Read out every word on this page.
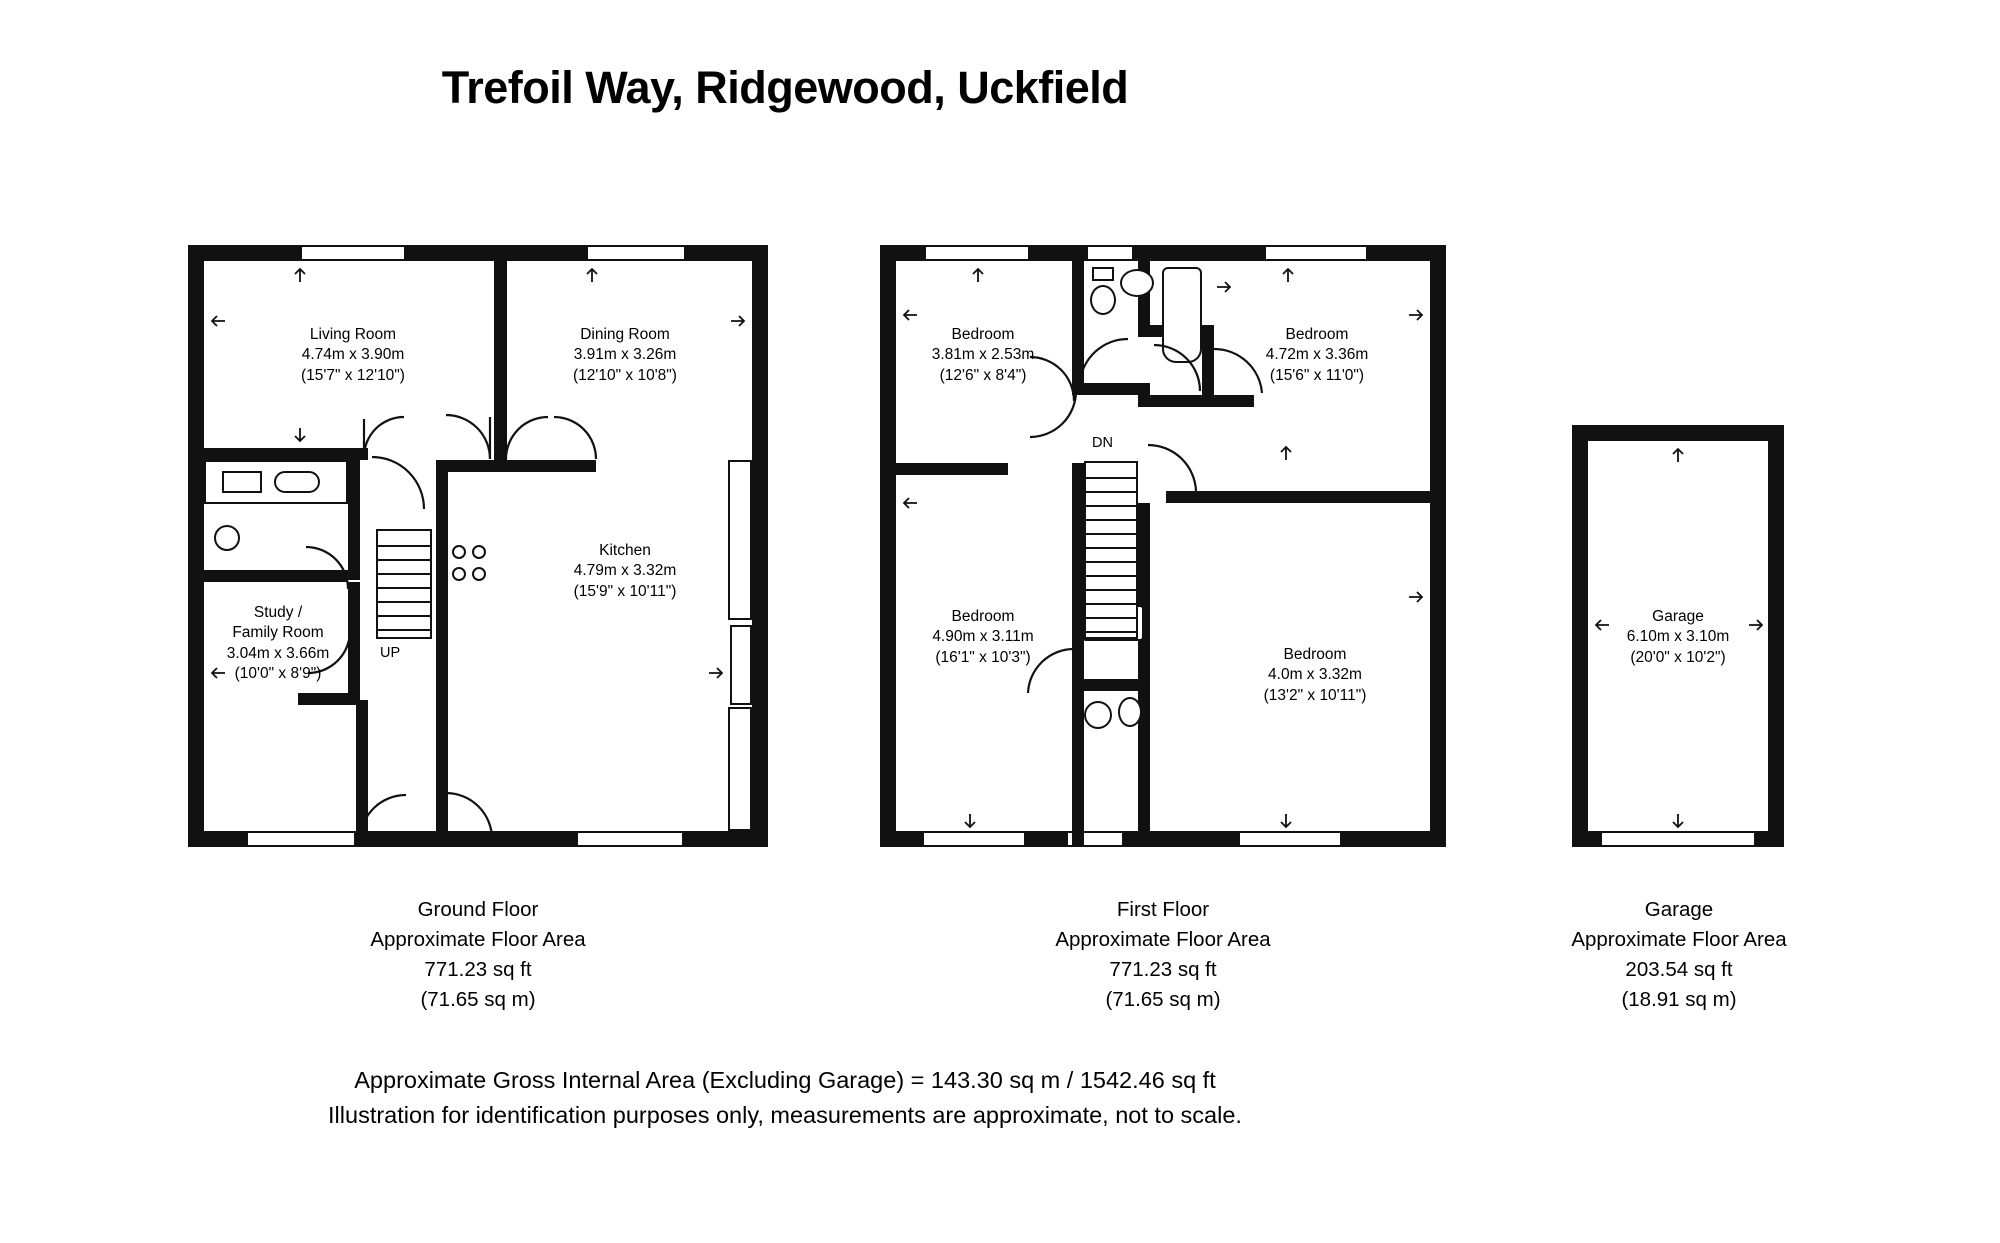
Trefoil Way, Ridgewood, Uckfield
UP
Living Room
4.74m x 3.90m
(15'7" x 12'10")
Dining Room
3.91m x 3.26m
(12'10" x 10'8")
Kitchen
4.79m x 3.32m
(15'9" x 10'11")
Study /
Family Room
3.04m x 3.66m
(10'0" x 8'9")
DN
Bedroom
3.81m x 2.53m
(12'6" x 8'4")
Bedroom
4.72m x 3.36m
(15'6" x 11'0")
Bedroom
4.90m x 3.11m
(16'1" x 10'3")	Bedroom
4.0m x 3.32m
(13'2" x 10'11")
Garage
6.10m x 3.10m
(20'0" x 10'2")
Ground Floor
Approximate Floor Area
771.23 sq ft
(71.65 sq m)
First Floor
Approximate Floor Area
771.23 sq ft
(71.65 sq m)
Garage
Approximate Floor Area
203.54 sq ft
(18.91 sq m)
Approximate Gross Internal Area (Excluding Garage) = 143.30 sq m / 1542.46 sq ft
Illustration for identification purposes only, measurements are approximate, not to scale.
